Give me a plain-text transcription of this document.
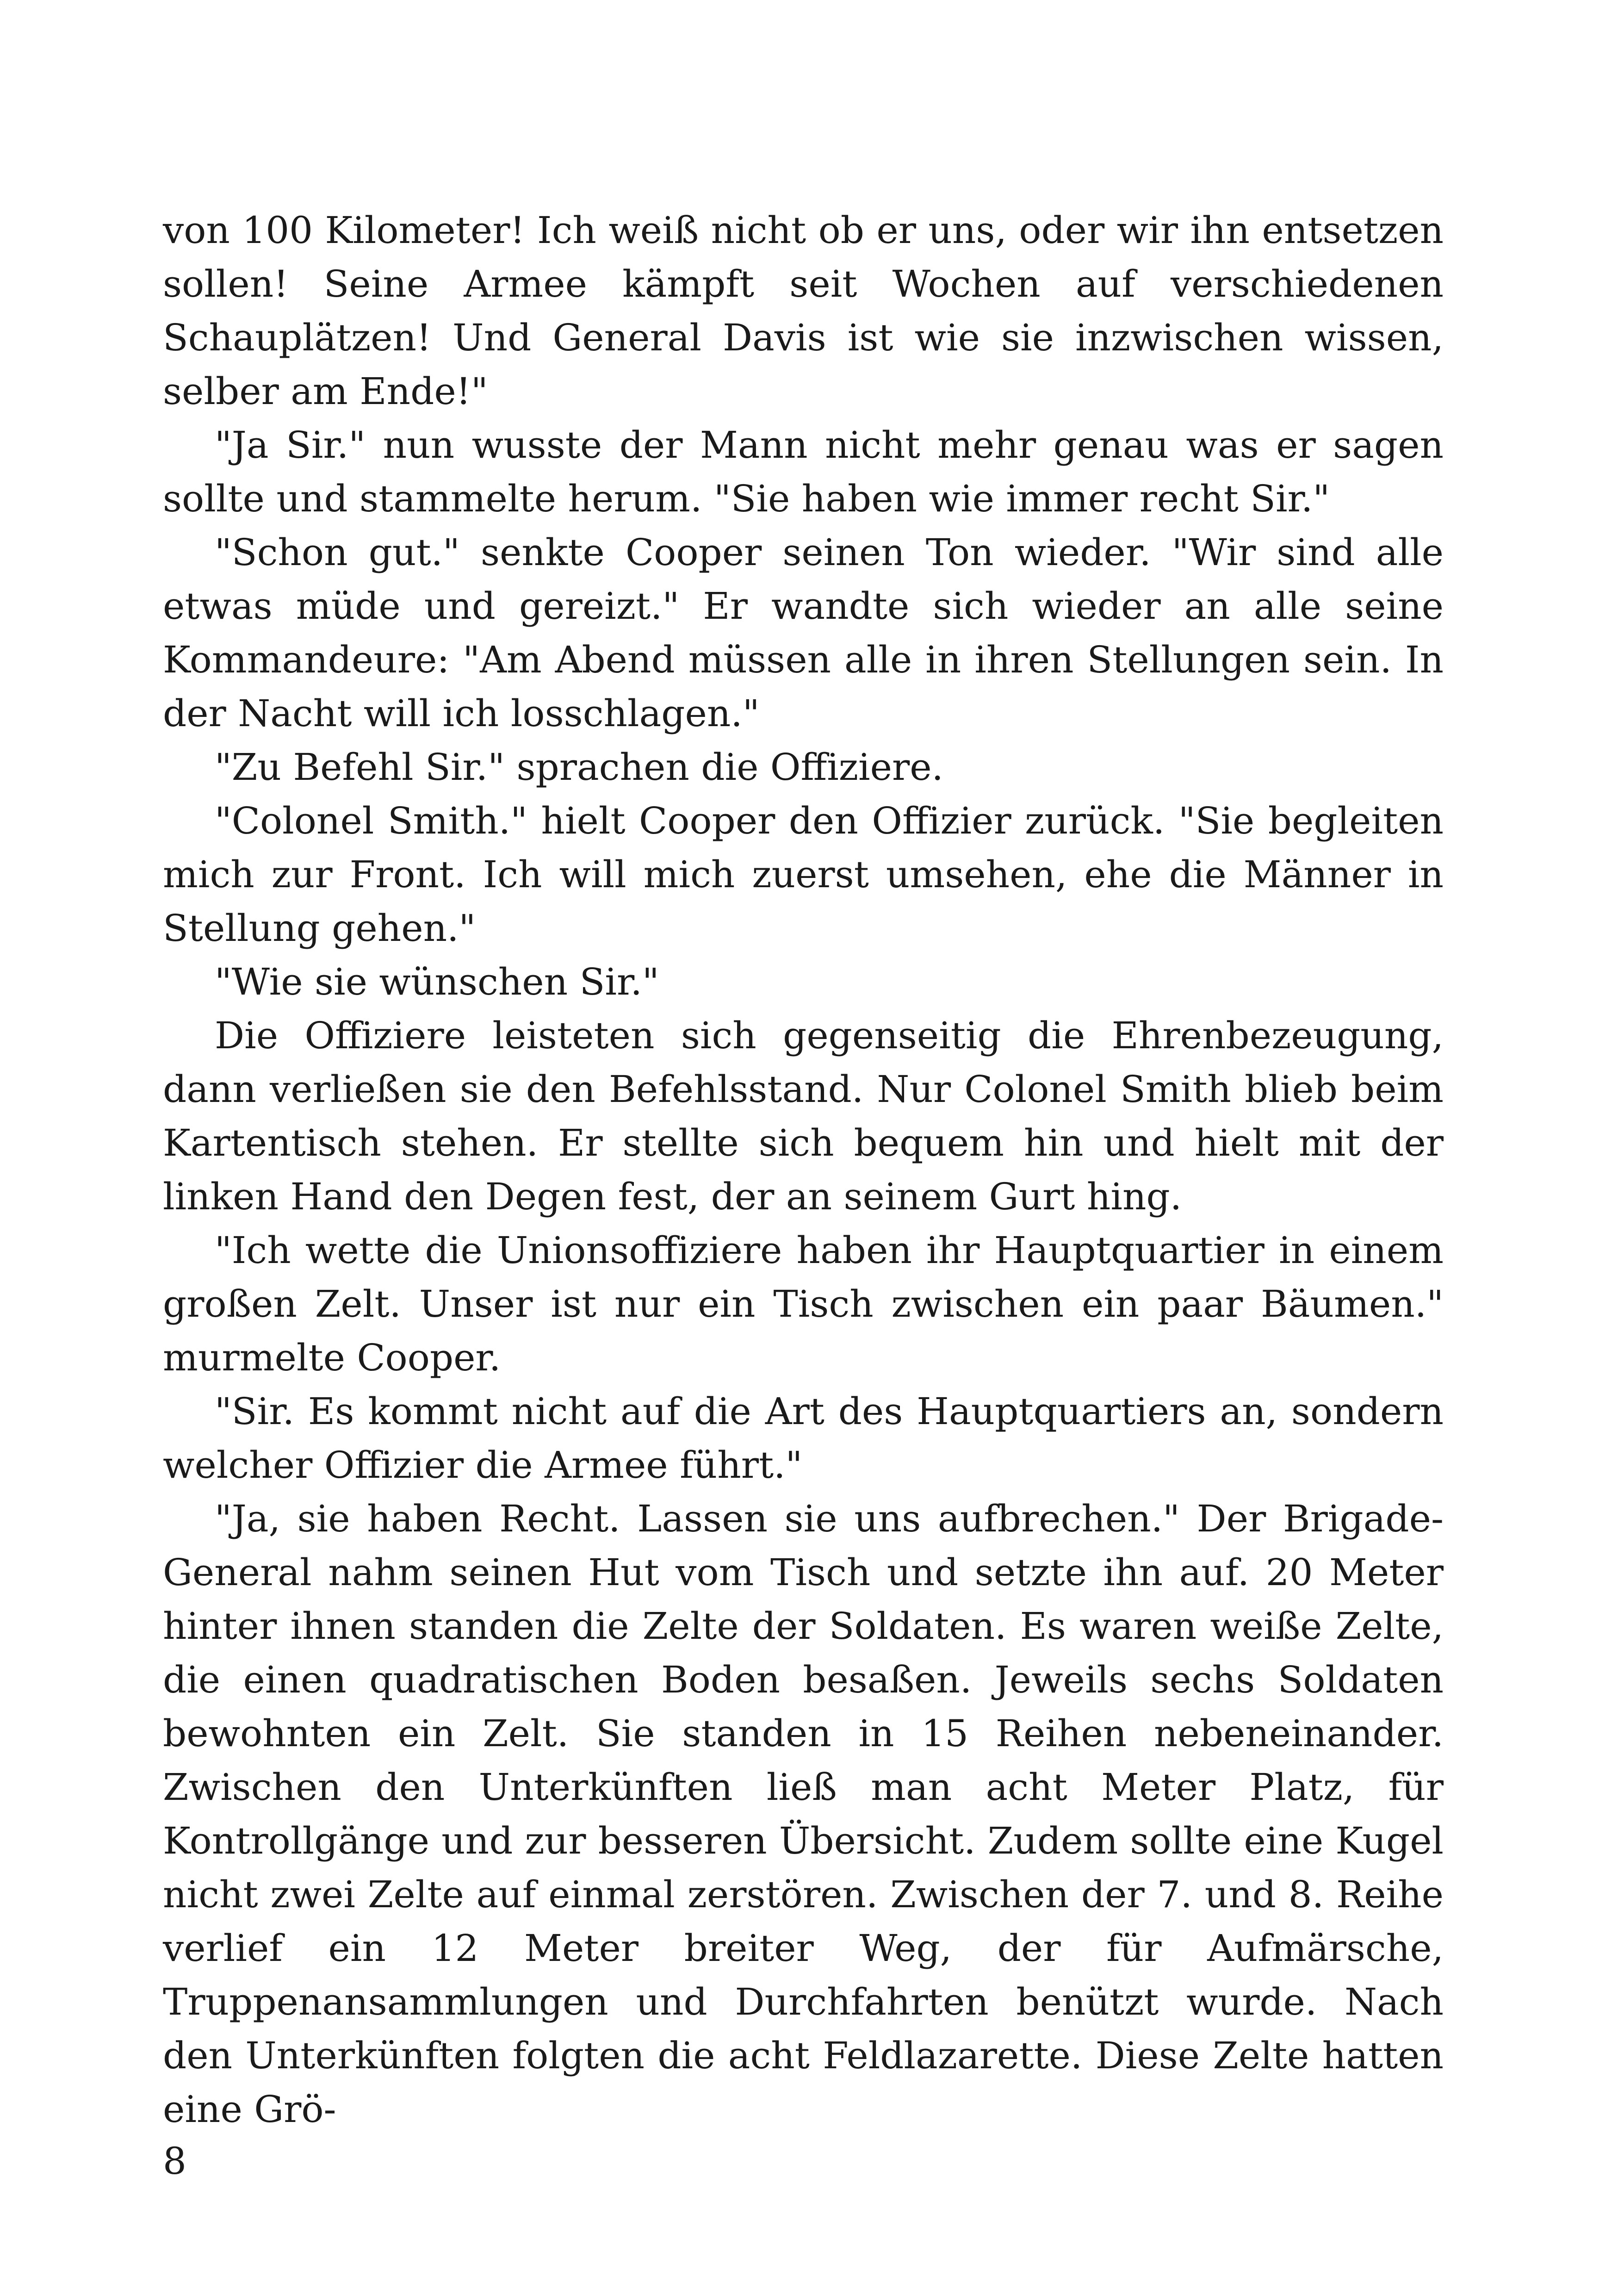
von 100 Kilometer! Ich weiß nicht ob er uns, oder wir ihn entsetzen sollen! Seine Armee kämpft seit Wochen auf verschiedenen Schauplätzen! Und General Davis ist wie sie inzwischen wissen, selber am Ende!"

"Ja Sir." nun wusste der Mann nicht mehr genau was er sagen sollte und stammelte herum. "Sie haben wie immer recht Sir."

"Schon gut." senkte Cooper seinen Ton wieder. "Wir sind alle etwas müde und gereizt." Er wandte sich wieder an alle seine Kommandeure: "Am Abend müssen alle in ihren Stellungen sein. In der Nacht will ich losschlagen."

"Zu Befehl Sir." sprachen die Offiziere.

"Colonel Smith." hielt Cooper den Offizier zurück. "Sie begleiten mich zur Front. Ich will mich zuerst umsehen, ehe die Männer in Stellung gehen."

"Wie sie wünschen Sir."

Die Offiziere leisteten sich gegenseitig die Ehrenbezeugung, dann verließen sie den Befehlsstand. Nur Colonel Smith blieb beim Kartentisch stehen. Er stellte sich bequem hin und hielt mit der linken Hand den Degen fest, der an seinem Gurt hing.

"Ich wette die Unionsoffiziere haben ihr Hauptquartier in einem großen Zelt. Unser ist nur ein Tisch zwischen ein paar Bäumen." murmelte Cooper.

"Sir. Es kommt nicht auf die Art des Hauptquartiers an, sondern welcher Offizier die Armee führt."

"Ja, sie haben Recht. Lassen sie uns aufbrechen." Der Brigade-General nahm seinen Hut vom Tisch und setzte ihn auf. 20 Meter hinter ihnen standen die Zelte der Soldaten. Es waren weiße Zelte, die einen quadratischen Boden besaßen. Jeweils sechs Soldaten bewohnten ein Zelt. Sie standen in 15 Reihen nebeneinander. Zwischen den Unterkünften ließ man acht Meter Platz, für Kontrollgänge und zur besseren Übersicht. Zudem sollte eine Kugel nicht zwei Zelte auf einmal zerstören. Zwischen der 7. und 8. Reihe verlief ein 12 Meter breiter Weg, der für Aufmärsche, Truppenansammlungen und Durchfahrten benützt wurde. Nach den Unterkünften folgten die acht Feldlazarette. Diese Zelte hatten eine Grö-

8
